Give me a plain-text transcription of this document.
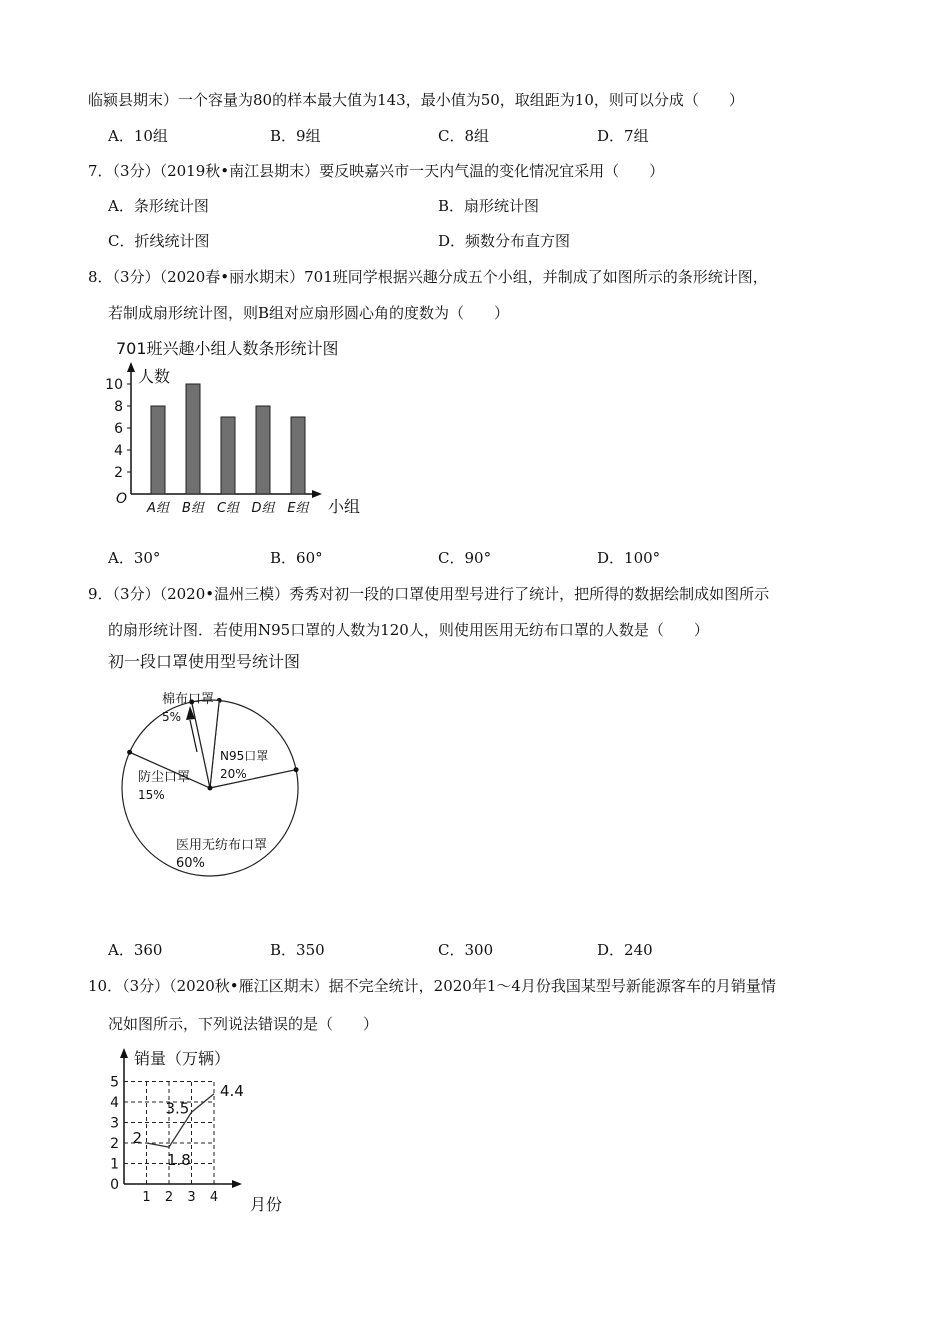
临颍县期末）一个容量为80的样本最大值为143，最小值为50，取组距为10，则可以分成（　　）
A．10组	B．9组	C．8组	D．7组
7．（3分）（2019秋•南江县期末）要反映嘉兴市一天内气温的变化情况宜采用（　　）
A．条形统计图	B．扇形统计图
C．折线统计图	D．频数分布直方图
8．（3分）（2020春•丽水期末）701班同学根据兴趣分成五个小组，并制成了如图所示的条形统计图，
若制成扇形统计图，则B组对应扇形圆心角的度数为（　　）
701班兴趣小组人数条形统计图
人数
O
2
4
6
8
10
A组 B组 C组 D组 E组 小组
A．30°	B．60°	C．90°	D．100°
9．（3分）（2020•温州三模）秀秀对初一段的口罩使用型号进行了统计，把所得的数据绘制成如图所示
的扇形统计图．若使用N95口罩的人数为120人，则使用医用无纺布口罩的人数是（　　）
初一段口罩使用型号统计图
N95口罩
20%
医用无纺布口罩
60%
防尘口罩
15%
棉布口罩
5%
A．360	B．350	C．300	D．240
10．（3分）（2020秋•雁江区期末）据不完全统计，2020年1～4月份我国某型号新能源客车的月销量情
况如图所示，下列说法错误的是（　　）
销量（万辆）
0
1
2
3
4
5
1 2 3 4
2
1.8
3.5
4.4
月份
